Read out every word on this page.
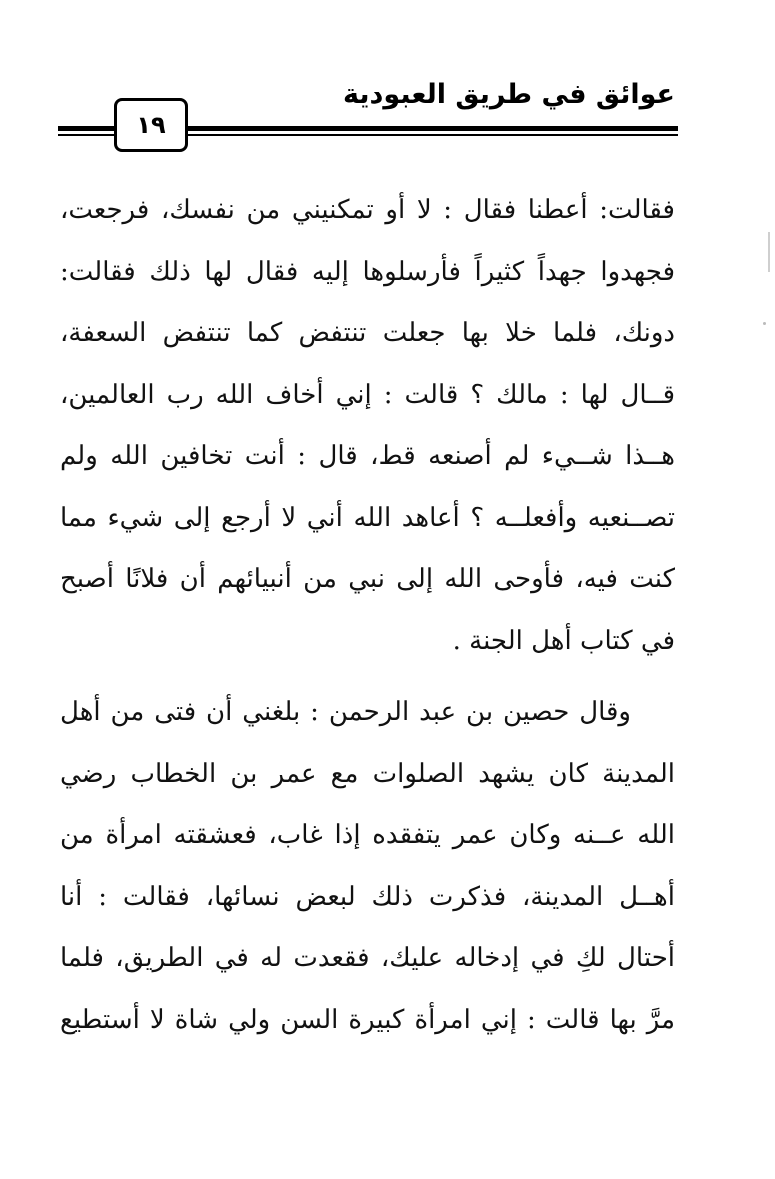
عوائق في طريق العبودية
١٩
فقالت: أعطنا فقال : لا أو تمكنيني من نفسك، فرجعت،
فجهدوا جهداً كثيراً فأرسلوها إليه فقال لها ذلك فقالت:
دونك، فلما خلا بها جعلت تنتفض كما تنتفض السعفة،
قــال لها : مالك ؟ قالت : إني أخاف الله رب العالمين،
هــذا شــيء لم أصنعه قط، قال : أنت تخافين الله ولم
تصــنعيه وأفعلــه ؟ أعاهد الله أني لا أرجع إلى شيء مما
كنت فيه، فأوحى الله إلى نبي من أنبيائهم أن فلانًا أصبح
في كتاب أهل الجنة .
وقال حصين بن عبد الرحمن : بلغني أن فتى من أهل
المدينة كان يشهد الصلوات مع عمر بن الخطاب رضي
الله عــنه وكان عمر يتفقده إذا غاب، فعشقته امرأة من
أهــل المدينة، فذكرت ذلك لبعض نسائها، فقالت : أنا
أحتال لكِ في إدخاله عليك، فقعدت له في الطريق، فلما
مرَّ بها قالت : إني امرأة كبيرة السن ولي شاة لا أستطيع
